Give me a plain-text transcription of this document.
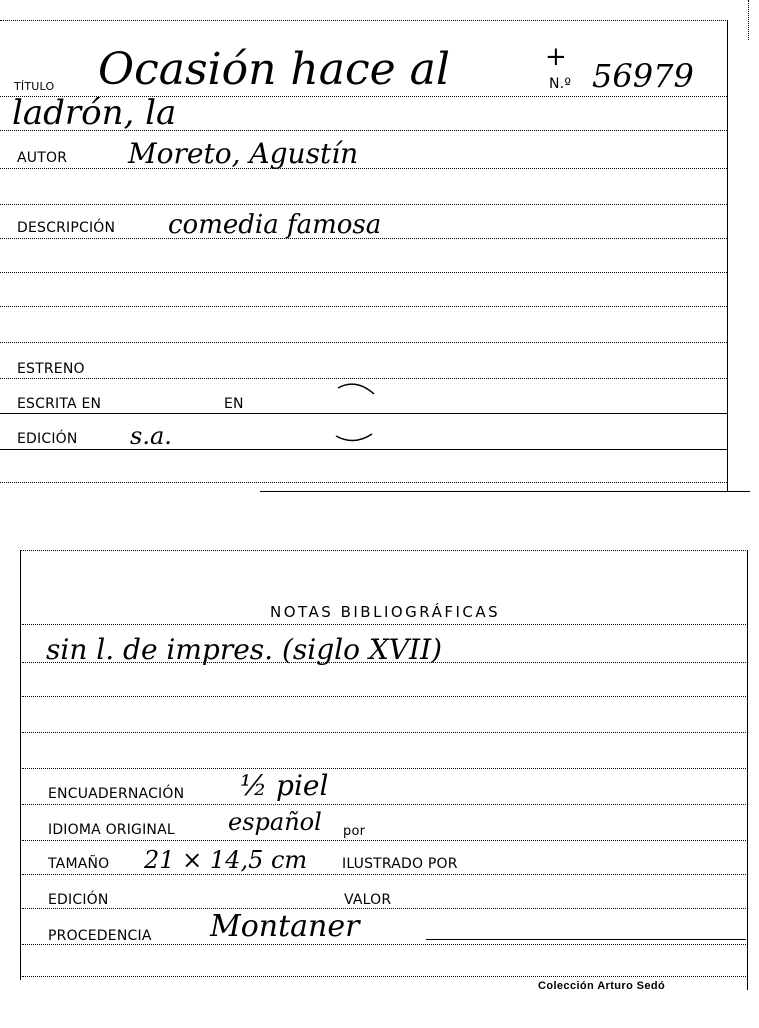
TÍTULO Ocasión hace al	+
N.º 56979
ladrón, la
AUTOR Moreto, Agustín
DESCRIPCIÓN comedia famosa
ESTRENO
ESCRITA EN	EN
EDICIÓN s.a.
NOTAS BIBLIOGRÁFICAS
sin l. de impres. (siglo XVII)
ENCUADERNACIÓN ½ piel
IDIOMA ORIGINAL español por
TAMAÑO 21 × 14,5 cm ILUSTRADO POR
EDICIÓN	VALOR
PROCEDENCIA Montaner
Colección Arturo Sedó
